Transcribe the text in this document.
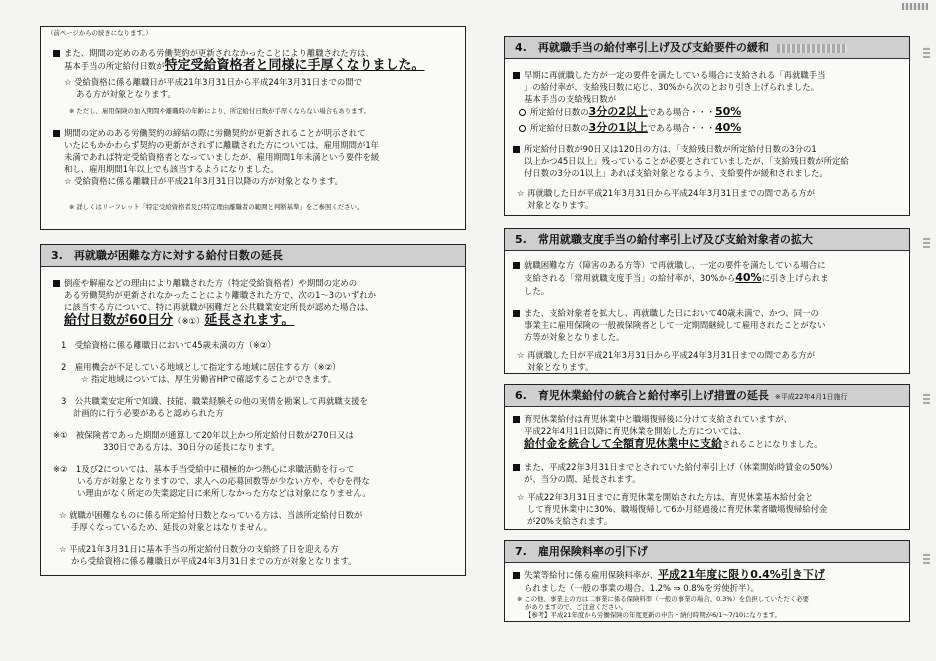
（前ページからの続きになります。）
また、期間の定めのある労働契約が更新されなかったことにより離職された方は、
基本手当の所定給付日数が特定受給資格者と同様に手厚くなりました。
☆ 受給資格に係る離職日が平成21年3月31日から平成24年3月31日までの間で
ある方が対象となります。
※ ただし、雇用保険の加入期間や離職時の年齢により、所定給付日数が手厚くならない場合もあります。
期間の定めのある労働契約の締結の際に労働契約が更新されることが明示されて
いたにもかかわらず契約の更新がされずに離職された方については、雇用期間が1年
未満であれば特定受給資格者となっていましたが、雇用期間1年未満という要件を緩
和し、雇用期間1年以上でも該当するようになりました。
☆ 受給資格に係る離職日が平成21年3月31日以降の方が対象となります。
※ 詳しくはリーフレット「特定受給資格者及び特定理由離職者の範囲と判断基準」をご参照ください。
3.　再就職が困難な方に対する給付日数の延長
倒産や解雇などの理由により離職された方（特定受給資格者）や期間の定めの
ある労働契約が更新されなかったことにより離職された方で、次の1～3のいずれか
に該当する方について、特に再就職が困難だと公共職業安定所長が認めた場合は、
給付日数が60日分（※①）延長されます。
1　受給資格に係る離職日において45歳未満の方（※②）
2　雇用機会が不足している地域として指定する地域に居住する方（※②）
☆ 指定地域については、厚生労働省HPで確認することができます。
3　公共職業安定所で知識、技能、職業経験その他の実情を勘案して再就職支援を
計画的に行う必要があると認められた方
※①　被保険者であった期間が通算して20年以上かつ所定給付日数が270日又は
330日である方は、30日分の延長になります。
※②　1及び2については、基本手当受給中に積極的かつ熱心に求職活動を行って
いる方が対象となりますので、求人への応募回数等が少ない方や、やむを得な
い理由がなく所定の失業認定日に来所しなかった方などは対象になりません。
☆ 就職が困難なものに係る所定給付日数となっている方は、当該所定給付日数が
手厚くなっているため、延長の対象とはなりません。
☆ 平成21年3月31日に基本手当の所定給付日数分の支給終了日を迎える方
から受給資格に係る離職日が平成24年3月31日までの方が対象となります。
4.　再就職手当の給付率引上げ及び支給要件の緩和
早期に再就職した方が一定の要件を満たしている場合に支給される「再就職手当
」の給付率が、支給残日数に応じ、30%から次のとおり引き上げられました。
基本手当の支給残日数が
所定給付日数の3分の2以上である場合・・・50%
所定給付日数の3分の1以上である場合・・・40%
所定給付日数が90日又は120日の方は、「支給残日数が所定給付日数の3分の1
以上かつ45日以上」残っていることが必要とされていましたが、「支給残日数が所定給
付日数の3分の1以上」あれば支給対象となるよう、支給要件が緩和されました。
☆ 再就職した日が平成21年3月31日から平成24年3月31日までの間である方が
対象となります。
5.　常用就職支度手当の給付率引上げ及び支給対象者の拡大
就職困難な方（障害のある方等）で再就職し、一定の要件を満たしている場合に
支給される「常用就職支度手当」の給付率が、30%から40%に引き上げられま
した。
また、支給対象者を拡大し、再就職した日において40歳未満で、かつ、同一の
事業主に雇用保険の一般被保険者として一定期間継続して雇用されたことがない
方等が対象となりました。
☆ 再就職した日が平成21年3月31日から平成24年3月31日までの間である方が
対象となります。
6.　育児休業給付の統合と給付率引上げ措置の延長 ※平成22年4月1日施行
育児休業給付は育児休業中と職場復帰後に分けて支給されていますが、
平成22年4月1日以降に育児休業を開始した方については、
給付金を統合して全額育児休業中に支給されることになりました。
また、平成22年3月31日までとされていた給付率引上げ（休業開始時賃金の50%）
が、当分の間、延長されます。
☆ 平成22年3月31日までに育児休業を開始された方は、育児休業基本給付金と
して育児休業中に30%、職場復帰して6か月経過後に育児休業者職場復帰給付金
が20%支給されます。
7.　雇用保険料率の引下げ
失業等給付に係る雇用保険料率が、平成21年度に限り0.4%引き下げ
られました（一般の事業の場合、1.2% ⇒ 0.8%を労使折半）。
※ この他、事業主の方は二事業に係る保険料率（一般の事業の場合、0.3%）を負担していただく必要
がありますので、ご注意ください。
【参考】平成21年度から労働保険の年度更新の申告・納付時期が6/1～7/10になります。
